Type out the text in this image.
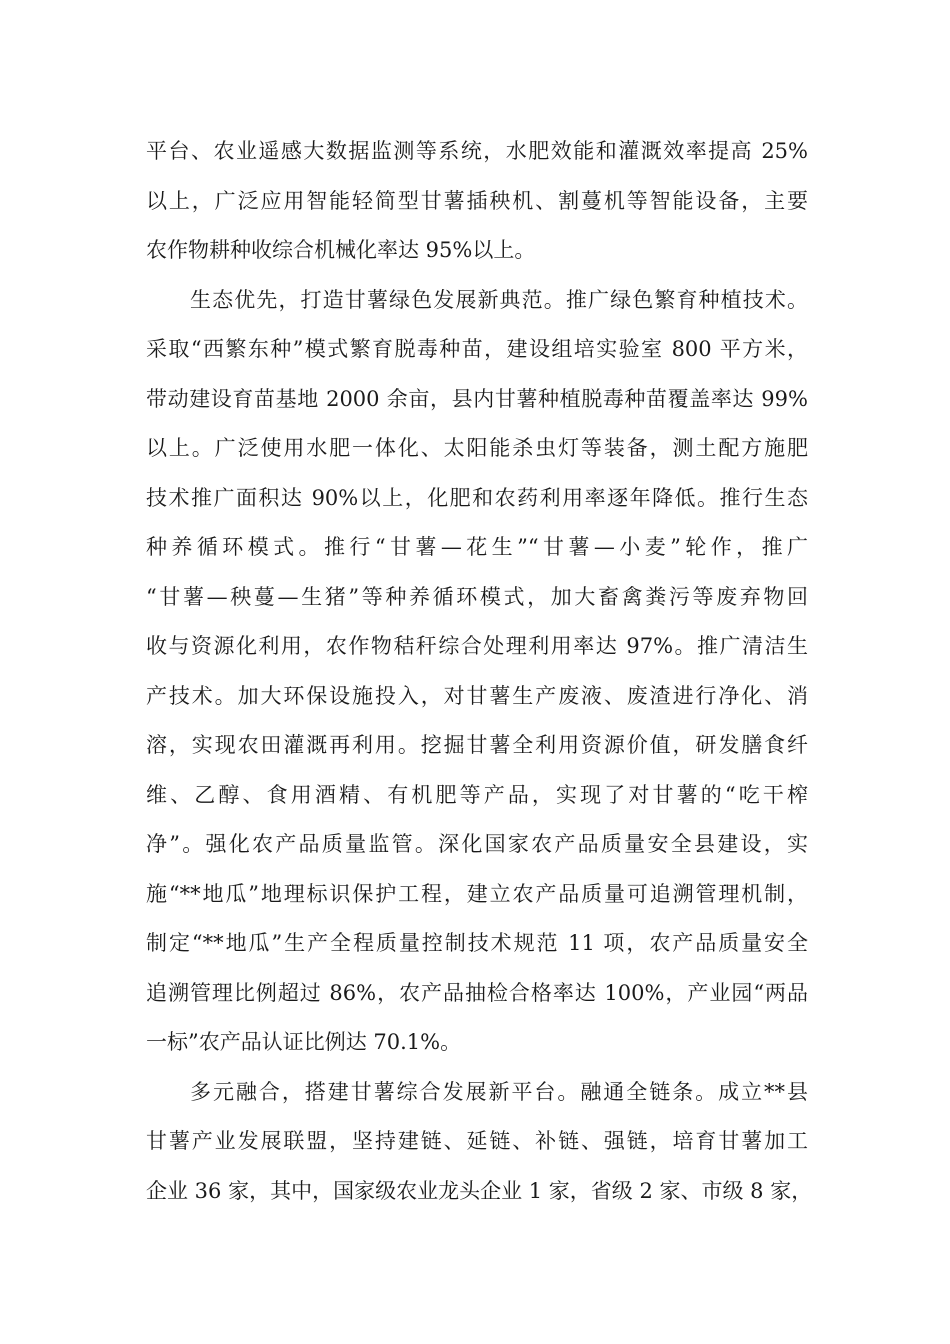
平台、农业遥感大数据监测等系统，水肥效能和灌溉效率提高 25%
以上，广泛应用智能轻简型甘薯插秧机、割蔓机等智能设备，主要
农作物耕种收综合机械化率达 95%以上。
生态优先，打造甘薯绿色发展新典范。推广绿色繁育种植技术。
采取“西繁东种”模式繁育脱毒种苗，建设组培实验室 800 平方米，
带动建设育苗基地 2000 余亩，县内甘薯种植脱毒种苗覆盖率达 99%
以上。广泛使用水肥一体化、太阳能杀虫灯等装备，测土配方施肥
技术推广面积达 90%以上，化肥和农药利用率逐年降低。推行生态
种养循环模式。推行“甘薯—花生”“甘薯—小麦”轮作，推广
“甘薯—秧蔓—生猪”等种养循环模式，加大畜禽粪污等废弃物回
收与资源化利用，农作物秸秆综合处理利用率达 97%。推广清洁生
产技术。加大环保设施投入，对甘薯生产废液、废渣进行净化、消
溶，实现农田灌溉再利用。挖掘甘薯全利用资源价值，研发膳食纤
维、乙醇、食用酒精、有机肥等产品，实现了对甘薯的“吃干榨
净”。强化农产品质量监管。深化国家农产品质量安全县建设，实
施“**地瓜”地理标识保护工程，建立农产品质量可追溯管理机制，
制定“**地瓜”生产全程质量控制技术规范 11 项，农产品质量安全
追溯管理比例超过 86%，农产品抽检合格率达 100%，产业园“两品
一标”农产品认证比例达 70.1%。
多元融合，搭建甘薯综合发展新平台。融通全链条。成立**县
甘薯产业发展联盟，坚持建链、延链、补链、强链，培育甘薯加工
企业 36 家，其中，国家级农业龙头企业 1 家，省级 2 家、市级 8 家，
